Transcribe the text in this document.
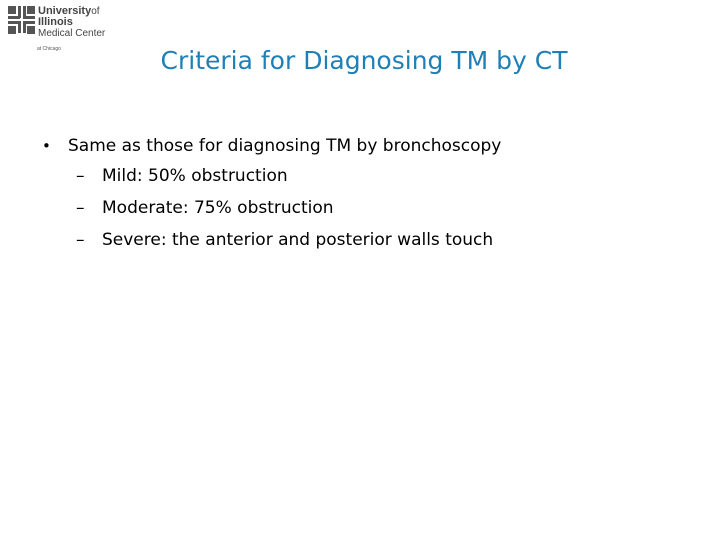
Universityof
Illinois
Medical Center
at Chicago	Criteria for Diagnosing TM by CT
• Same as those for diagnosing TM by bronchoscopy
– Mild: 50% obstruction
– Moderate: 75% obstruction
– Severe: the anterior and posterior walls touch
